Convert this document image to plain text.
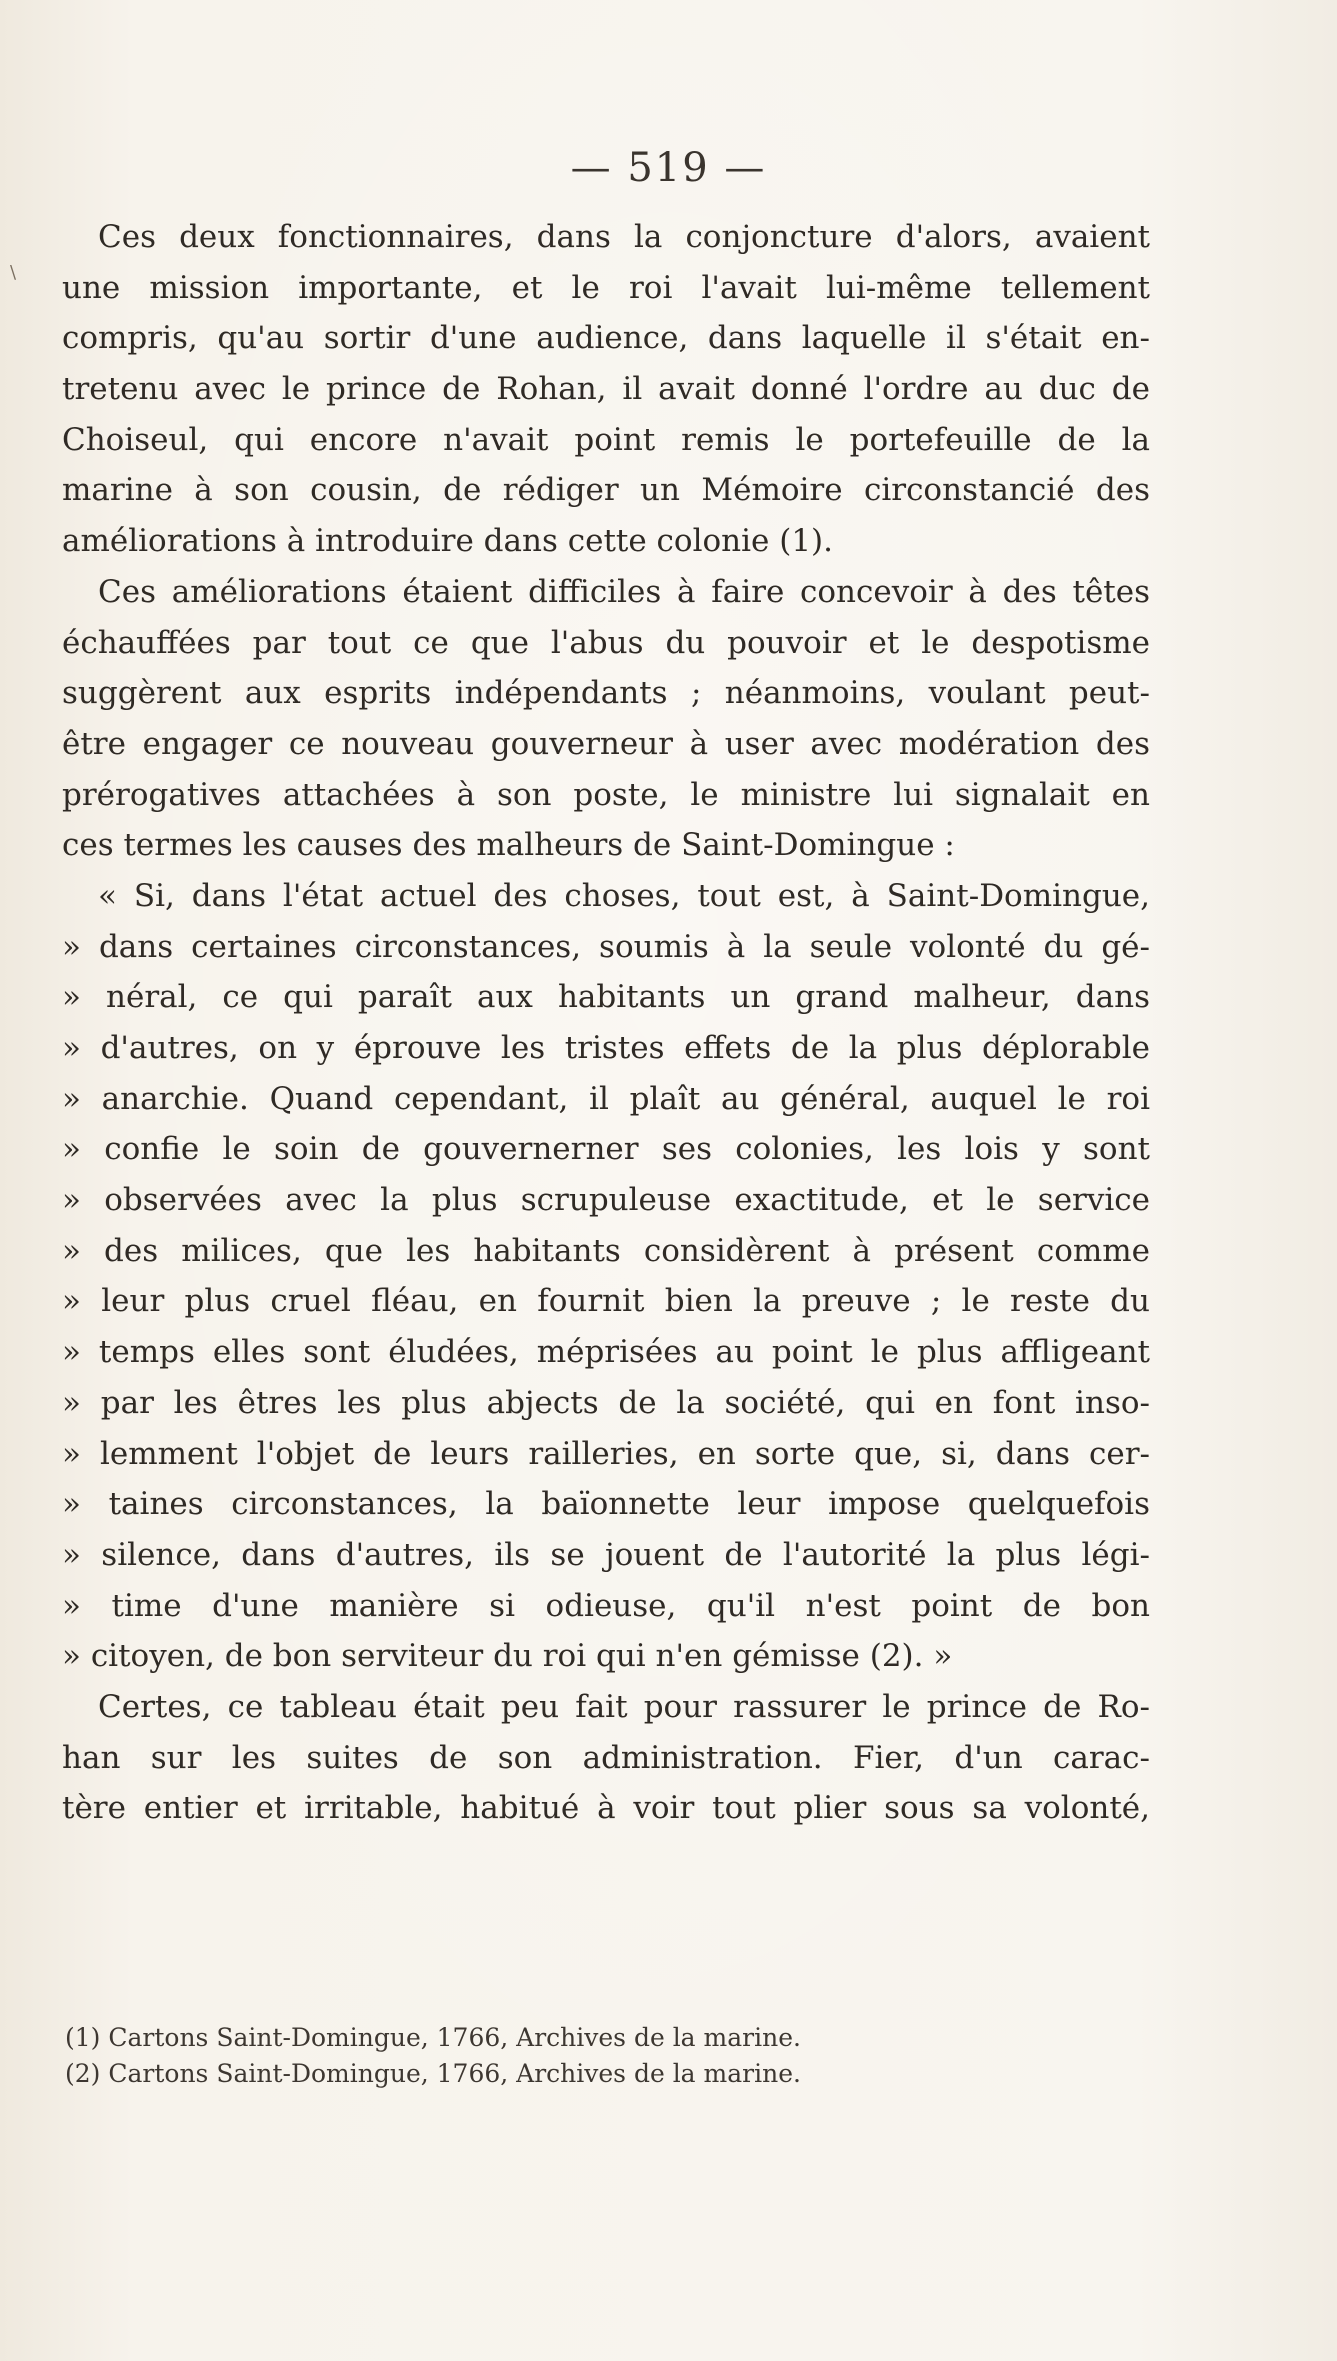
\
— 519 —
Ces deux fonctionnaires, dans la conjoncture d'alors, avaient
une mission importante, et le roi l'avait lui-même tellement
compris, qu'au sortir d'une audience, dans laquelle il s'était en-
tretenu avec le prince de Rohan, il avait donné l'ordre au duc de
Choiseul, qui encore n'avait point remis le portefeuille de la
marine à son cousin, de rédiger un Mémoire circonstancié des
améliorations à introduire dans cette colonie (1).
Ces améliorations étaient difficiles à faire concevoir à des têtes
échauffées par tout ce que l'abus du pouvoir et le despotisme
suggèrent aux esprits indépendants ; néanmoins, voulant peut-
être engager ce nouveau gouverneur à user avec modération des
prérogatives attachées à son poste, le ministre lui signalait en
ces termes les causes des malheurs de Saint-Domingue :
« Si, dans l'état actuel des choses, tout est, à Saint-Domingue,
» dans certaines circonstances, soumis à la seule volonté du gé-
» néral, ce qui paraît aux habitants un grand malheur, dans
» d'autres, on y éprouve les tristes effets de la plus déplorable
» anarchie. Quand cependant, il plaît au général, auquel le roi
» confie le soin de gouvernerner ses colonies, les lois y sont
» observées avec la plus scrupuleuse exactitude, et le service
» des milices, que les habitants considèrent à présent comme
» leur plus cruel fléau, en fournit bien la preuve ; le reste du
» temps elles sont éludées, méprisées au point le plus affligeant
» par les êtres les plus abjects de la société, qui en font inso-
» lemment l'objet de leurs railleries, en sorte que, si, dans cer-
» taines circonstances, la baïonnette leur impose quelquefois
» silence, dans d'autres, ils se jouent de l'autorité la plus légi-
» time d'une manière si odieuse, qu'il n'est point de bon
» citoyen, de bon serviteur du roi qui n'en gémisse (2). »
Certes, ce tableau était peu fait pour rassurer le prince de Ro-
han sur les suites de son administration. Fier, d'un carac-
tère entier et irritable, habitué à voir tout plier sous sa volonté,
(1) Cartons Saint-Domingue, 1766, Archives de la marine.
(2) Cartons Saint-Domingue, 1766, Archives de la marine.
